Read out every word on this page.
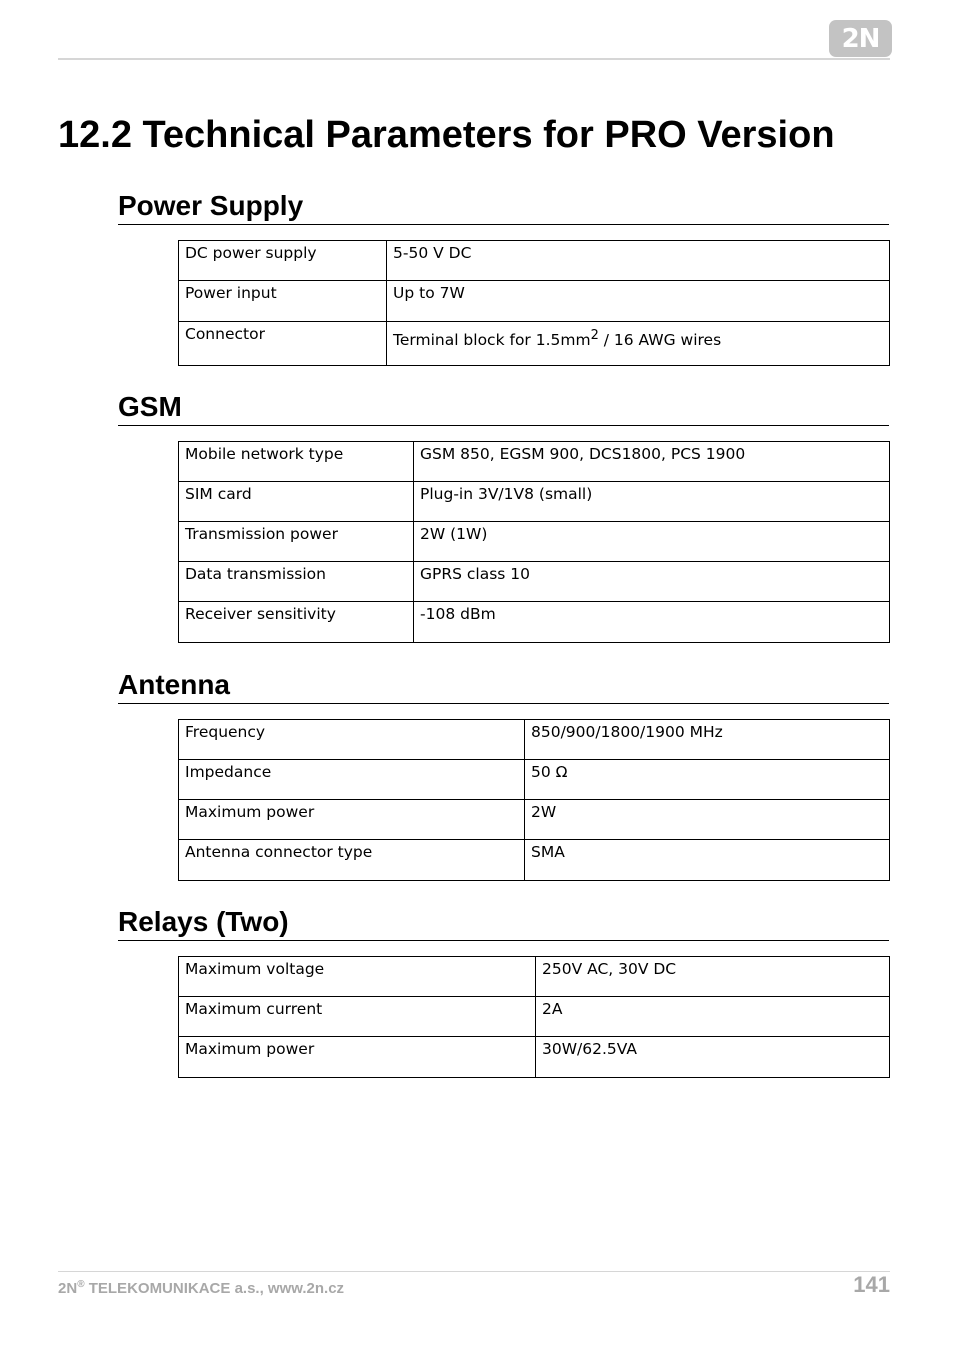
2N
12.2 Technical Parameters for PRO Version
Power Supply
DC power supply	5-50 V DC
Power input	Up to 7W
Connector	Terminal block for $1.5mm^2 / 16$ AWG wires
GSM
Mobile network type	GSM 850, EGSM 900, DCS1800, PCS 1900
SIM card	Plug-in 3V/1V8 (small)
Transmission power	2W (1W)
Data transmission	GPRS class 10
Receiver sensitivity	-108 dBm
Antenna
Frequency	850/900/1800/1900 MHz
Impedance	50 Ω
Maximum power	2W
Antenna connector type	SMA
Relays (Two)
Maximum voltage	250V AC, 30V DC
Maximum current	2A
Maximum power	30W/62.5VA
2N® TELEKOMUNIKACE a.s., www.2n.cz	141
